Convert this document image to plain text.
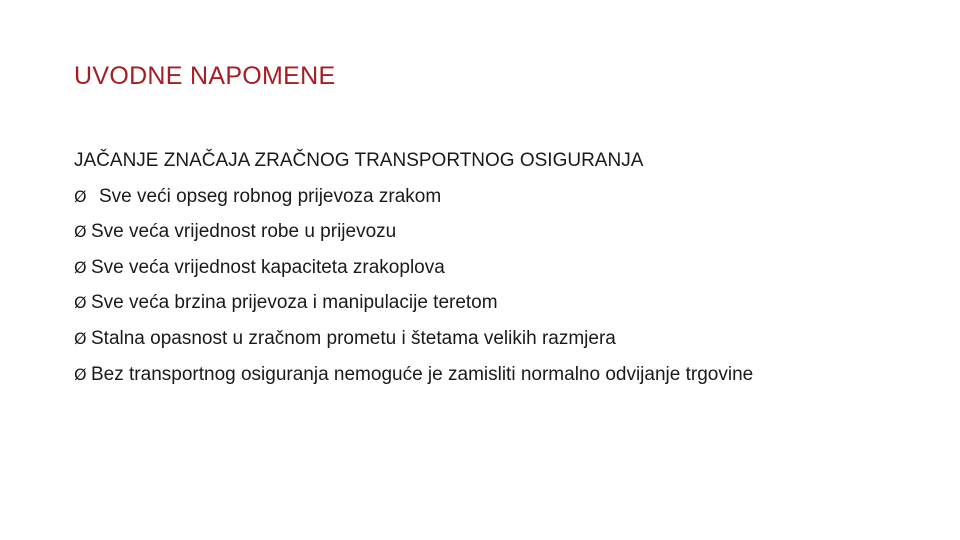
UVODNE NAPOMENE
JAČANJE ZNAČAJA ZRAČNOG TRANSPORTNOG OSIGURANJA
Ø Sve veći opseg robnog prijevoza zrakom
Ø Sve veća vrijednost robe u prijevozu
Ø Sve veća vrijednost kapaciteta zrakoplova
Ø Sve veća brzina prijevoza i manipulacije teretom
Ø Stalna opasnost u zračnom prometu i štetama velikih razmjera
Ø Bez transportnog osiguranja nemoguće je zamisliti normalno odvijanje trgovine
